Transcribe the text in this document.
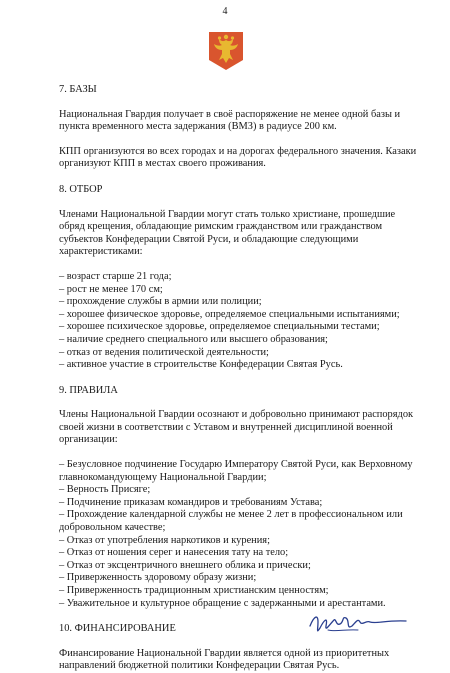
4

7. БАЗЫ

Национальная Гвардия получает в своё распоряжение не менее одной базы и пункта временного места задержания (ВМЗ) в радиусе 200 км.

КПП организуются во всех городах и на дорогах федерального значения. Казаки организуют КПП в местах своего проживания.

8. ОТБОР

Членами Национальной Гвардии могут стать только христиане, прошедшие обряд крещения, обладающие римским гражданством или гражданством субъектов Конфедерации Святой Руси, и обладающие следующими характеристиками:

– возраст старше 21 года;
– рост не менее 170 см;
– прохождение службы в армии или полиции;
– хорошее физическое здоровье, определяемое специальными испытаниями;
– хорошее психическое здоровье, определяемое специальными тестами;
– наличие среднего специального или высшего образования;
– отказ от ведения политической деятельности;
– активное участие в строительстве Конфедерации Святая Русь.

9. ПРАВИЛА

Члены Национальной Гвардии осознают и добровольно принимают распорядок своей жизни в соответствии с Уставом и внутренней дисциплиной военной организации:

– Безусловное подчинение Государю Императору Святой Руси, как Верховному главнокомандующему Национальной Гвардии;
– Верность Присяге;
– Подчинение приказам командиров и требованиям Устава;
– Прохождение календарной службы не менее 2 лет в профессиональном или добровольном качестве;
– Отказ от употребления наркотиков и курения;
– Отказ от ношения серег и нанесения тату на тело;
– Отказ от эксцентричного внешнего облика и прически;
– Приверженность здоровому образу жизни;
– Приверженность традиционным христианским ценностям;
– Уважительное и культурное обращение с задержанными и арестантами.

10. ФИНАНСИРОВАНИЕ

Финансирование Национальной Гвардии является одной из приоритетных направлений бюджетной политики Конфедерации Святая Русь.
